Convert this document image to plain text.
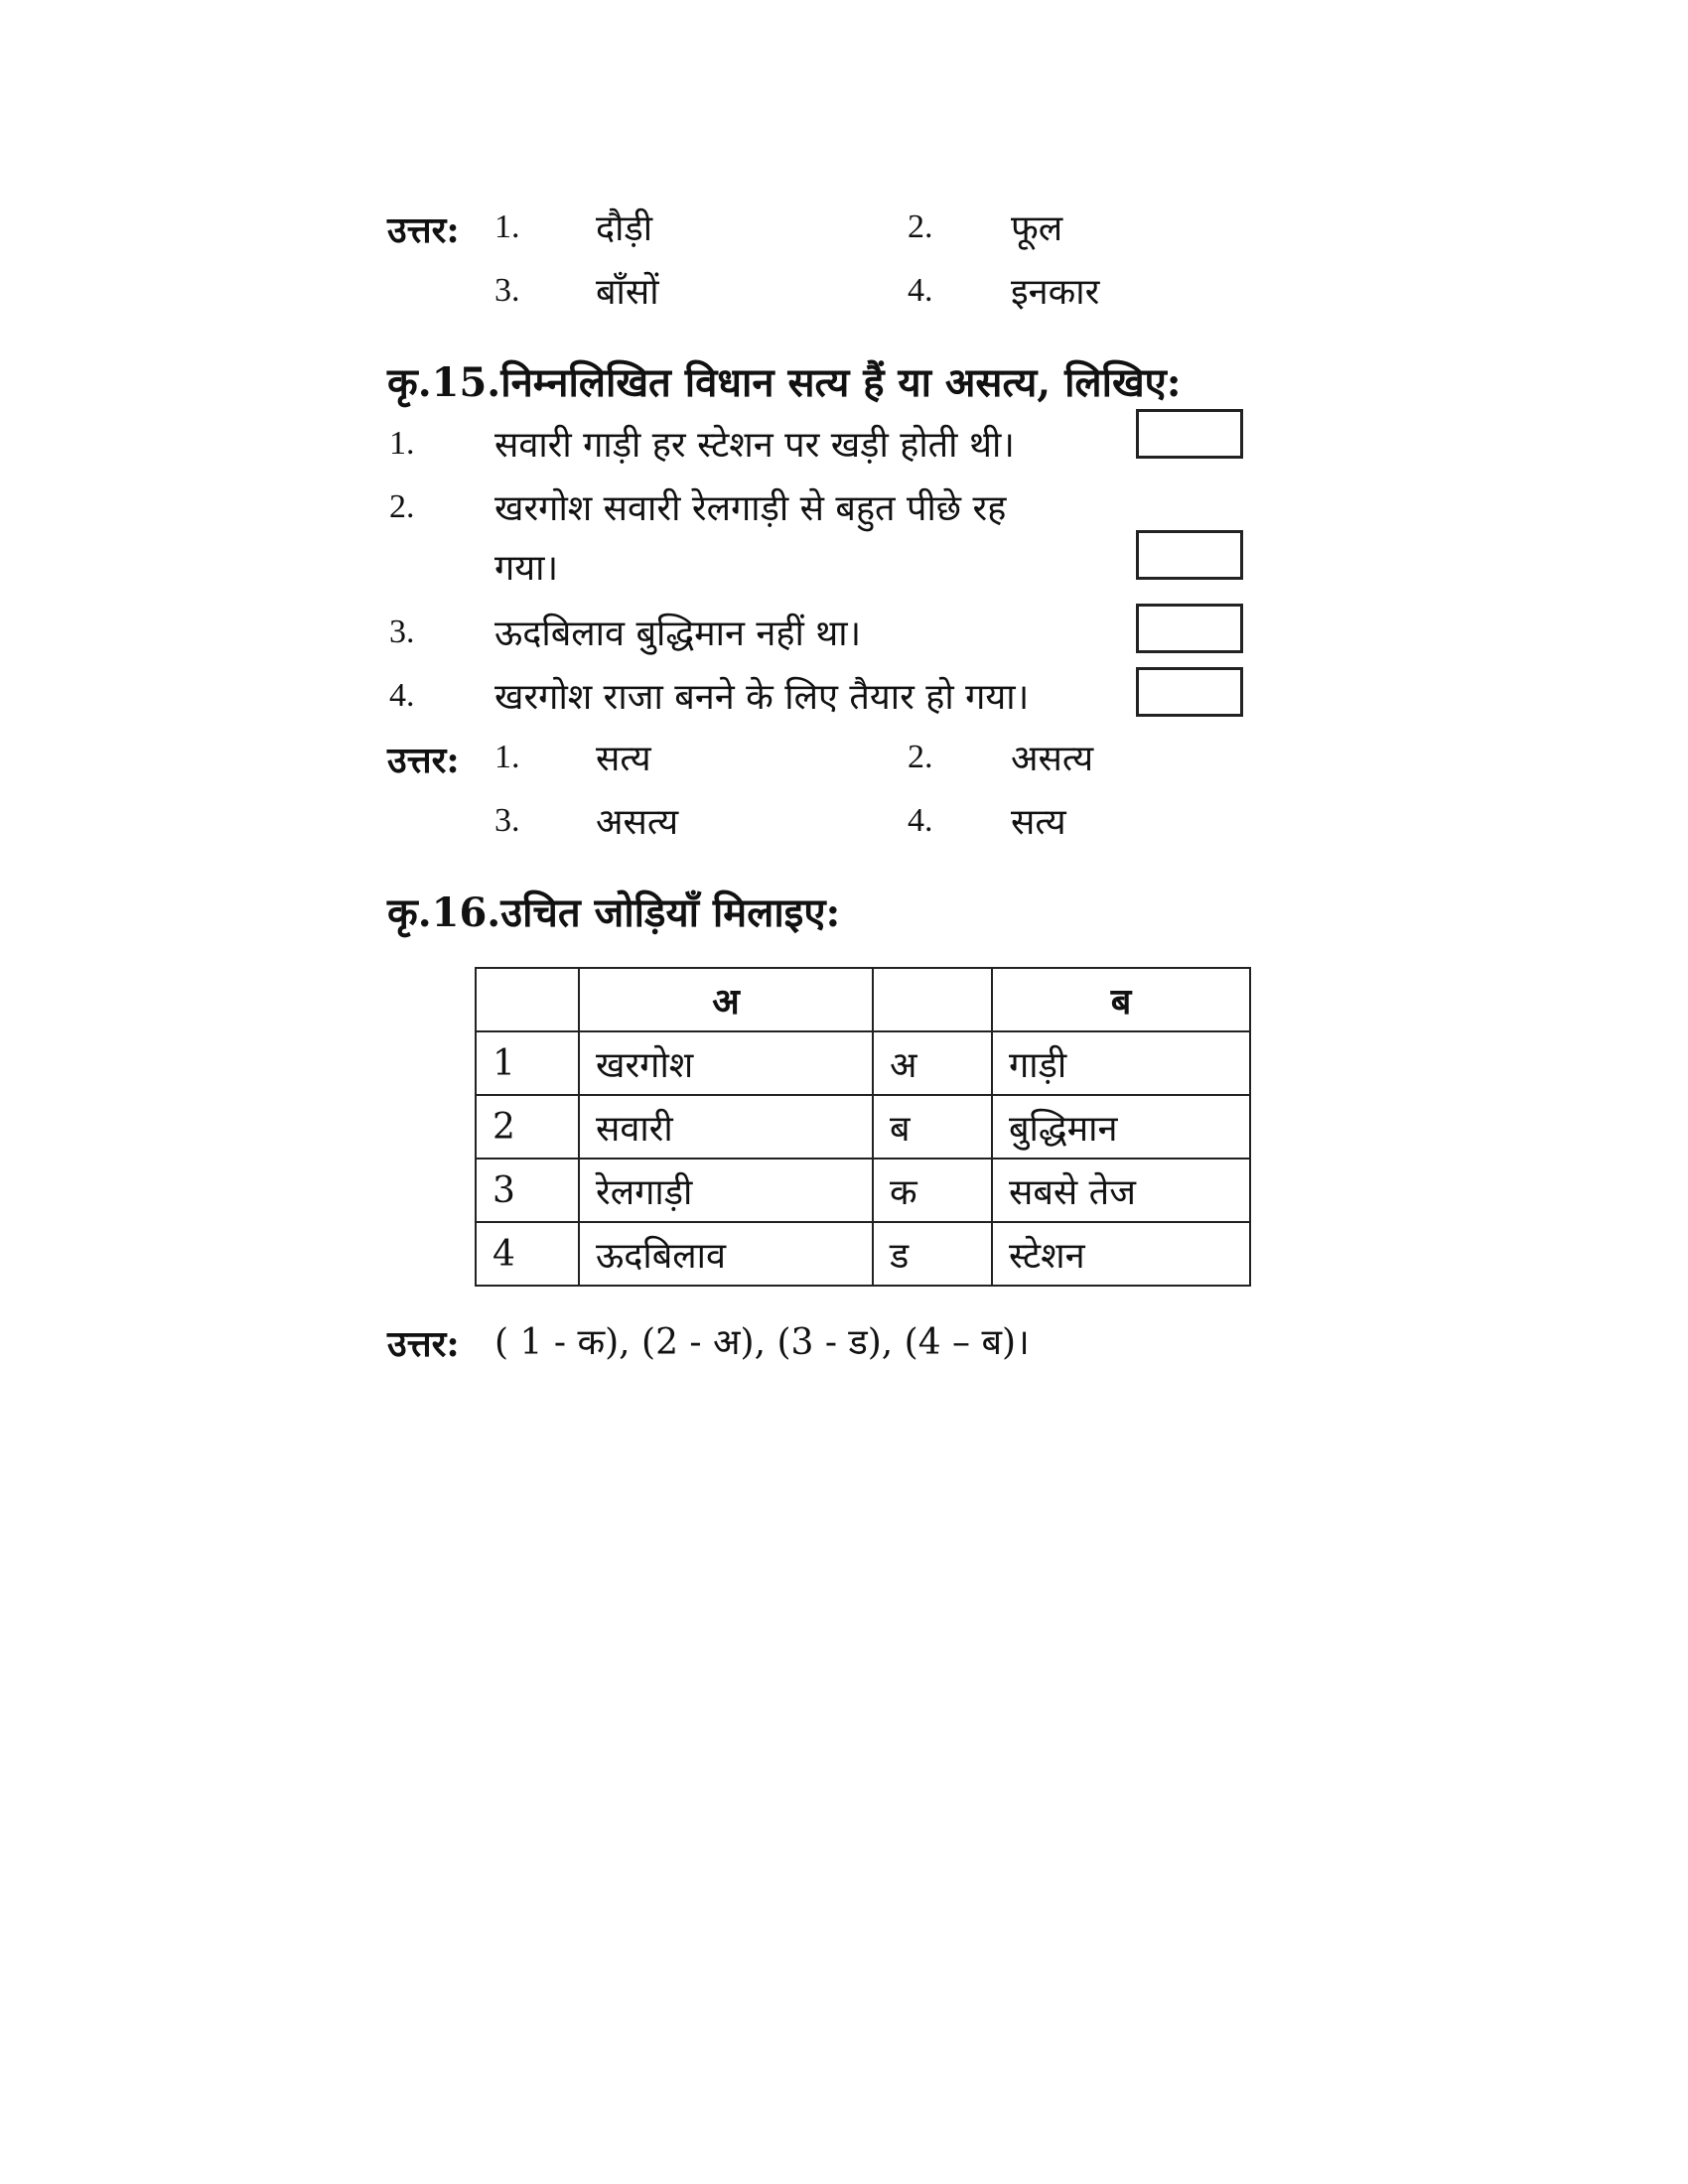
उत्तर: 1. दौड़ी	2. फूल
3. बाँसों	4. इनकार
कृ.15.निम्नलिखित विधान सत्य हैं या असत्य, लिखिए:
1. सवारी गाड़ी हर स्टेशन पर खड़ी होती थी।
2. खरगोश सवारी रेलगाड़ी से बहुत पीछे रह
गया।
3. ऊदबिलाव बुद्धिमान नहीं था।
4. खरगोश राजा बनने के लिए तैयार हो गया।
उत्तर: 1. सत्य	2. असत्य
3. असत्य	4. सत्य
कृ.16.उचित जोड़ियाँ मिलाइए:
	अ		ब
1	खरगोश	अ	गाड़ी
2	सवारी	ब	बुद्धिमान
3	रेलगाड़ी	क	सबसे तेज
4	ऊदबिलाव	ड	स्टेशन
उत्तर: ( 1 - क), (2 - अ), (3 - ड), (4 – ब)।
